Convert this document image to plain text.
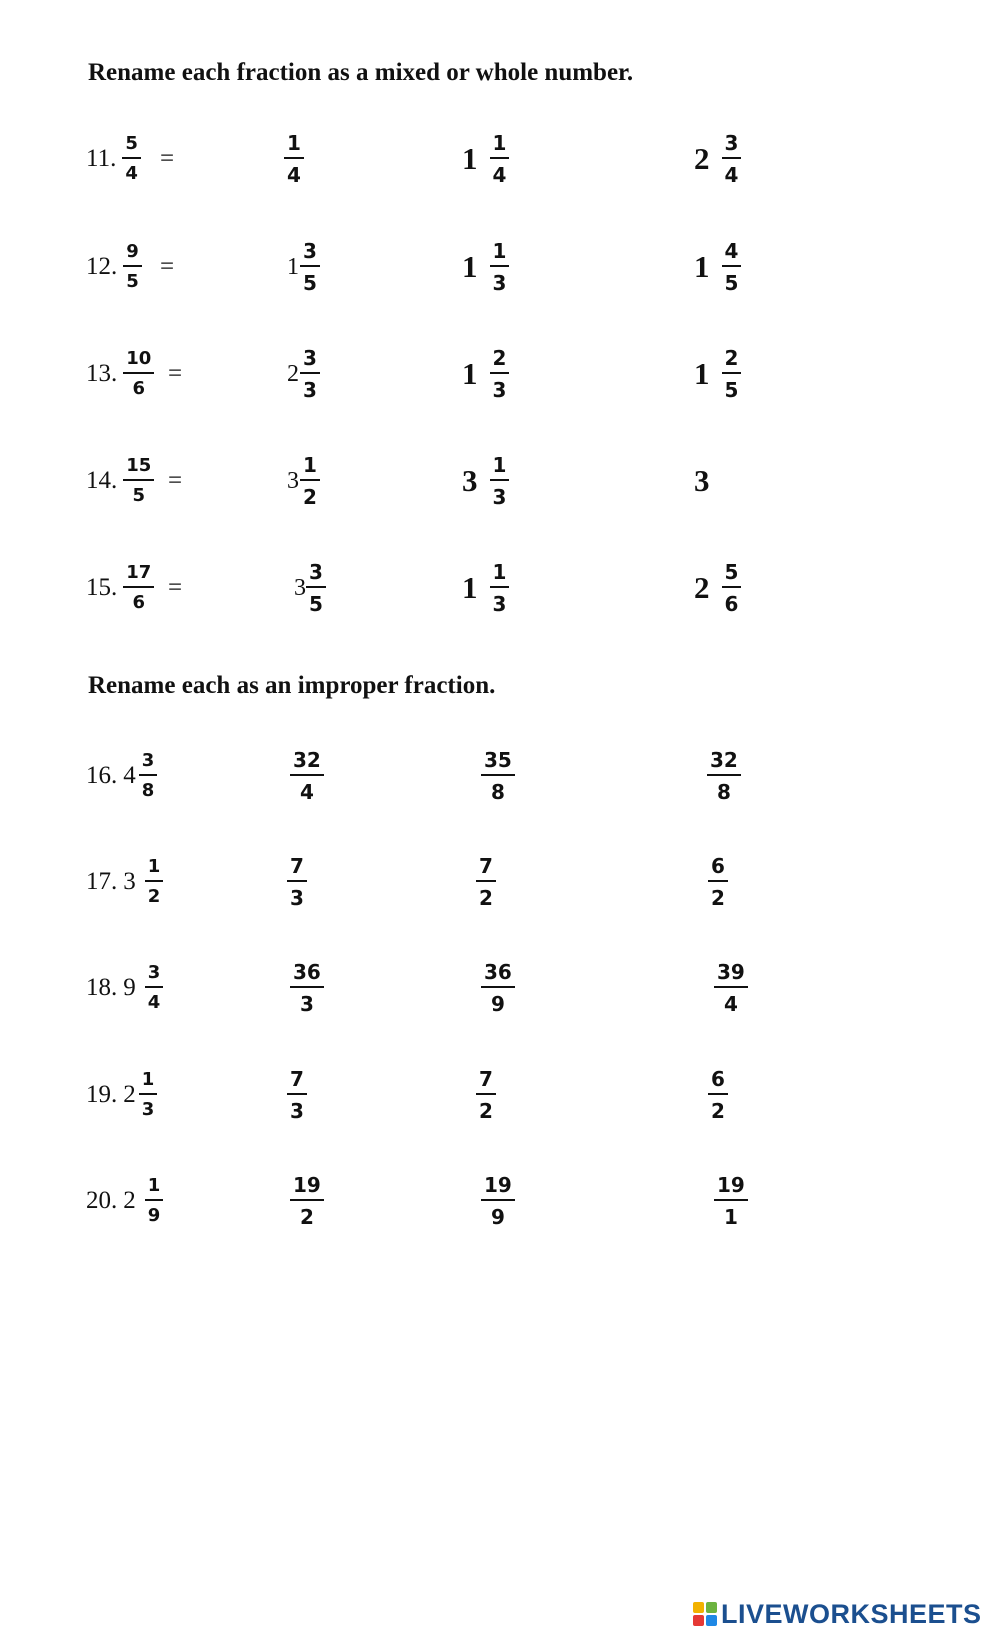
Rename each fraction as a mixed or whole number.
11. $\frac{5}{4}$ =	$\frac{1}{4}$	$1 \frac{1}{4}$	$2 \frac{3}{4}$
12. $\frac{9}{5}$ =	$1 \frac{3}{5}$	$1 \frac{1}{3}$	$1 \frac{4}{5}$
13. $\frac{10}{6}$ =	$2 \frac{3}{3}$	$1 \frac{2}{3}$	$1 \frac{2}{5}$
14. $\frac{15}{5}$ =	$3 \frac{1}{2}$	$3 \frac{1}{3}$	3
15. $\frac{17}{6}$ =	$3 \frac{3}{5}$	$1 \frac{1}{3}$	$2 \frac{5}{6}$
Rename each as an improper fraction.
16. $4 \frac{3}{8}$	$\frac{32}{4}$	$\frac{35}{8}$	$\frac{32}{8}$
17. $3 \frac{1}{2}$	$\frac{7}{3}$	$\frac{7}{2}$	$\frac{6}{2}$
18. $9 \frac{3}{4}$	$\frac{36}{3}$	$\frac{36}{9}$	$\frac{39}{4}$
19. $2 \frac{1}{3}$	$\frac{7}{3}$	$\frac{7}{2}$	$\frac{6}{2}$
20. $2 \frac{1}{9}$	$\frac{19}{2}$	$\frac{19}{9}$	$\frac{19}{1}$
LIVEWORKSHEETS
